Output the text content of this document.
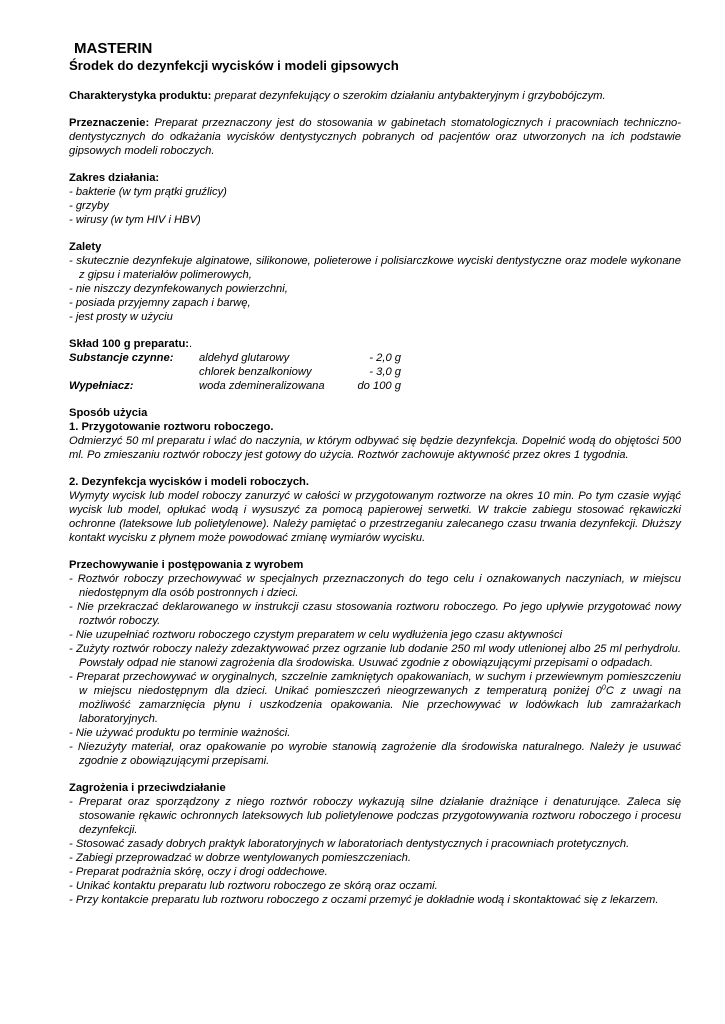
MASTERIN
Środek do dezynfekcji wycisków i modeli gipsowych

Charakterystyka produktu: preparat dezynfekujący o szerokim działaniu antybakteryjnym i grzybobójczym.

Przeznaczenie: Preparat przeznaczony jest do stosowania w gabinetach stomatologicznych i pracowniach techniczno-dentystycznych do odkażania wycisków dentystycznych pobranych od pacjentów oraz utworzonych na ich podstawie gipsowych modeli roboczych.

Zakres działania:

- bakterie (w tym prątki gruźlicy)

- grzyby

- wirusy (w tym HIV i HBV)

Zalety

- skutecznie dezynfekuje alginatowe, silikonowe, polieterowe i polisiarczkowe wyciski dentystyczne oraz modele wykonane z gipsu i materiałów polimerowych,

- nie niszczy dezynfekowanych powierzchni,

- posiada przyjemny zapach i barwę,

- jest prosty w użyciu

Skład 100 g preparatu:.

Substancje czynne:	aldehyd glutarowy	- 2,0 g
	chlorek benzalkoniowy	- 3,0 g
Wypełniacz:	woda zdemineralizowana	do 100 g

Sposób użycia

1. Przygotowanie roztworu roboczego.

Odmierzyć 50 ml preparatu i wlać do naczynia, w którym odbywać się będzie dezynfekcja. Dopełnić wodą do objętości 500 ml. Po zmieszaniu roztwór roboczy jest gotowy do użycia. Roztwór zachowuje aktywność przez okres 1 tygodnia.

2. Dezynfekcja wycisków i modeli roboczych.

Wymyty wycisk lub model roboczy zanurzyć w całości w przygotowanym roztworze na okres 10 min. Po tym czasie wyjąć wycisk lub model, opłukać wodą i wysuszyć za pomocą papierowej serwetki. W trakcie zabiegu stosować rękawiczki ochronne (lateksowe lub polietylenowe). Należy pamiętać o przestrzeganiu zalecanego czasu trwania dezynfekcji. Dłuższy kontakt wycisku z płynem może powodować zmianę wymiarów wycisku.

Przechowywanie i postępowania z wyrobem

- Roztwór roboczy przechowywać w specjalnych przeznaczonych do tego celu i oznakowanych naczyniach, w miejscu niedostępnym dla osób postronnych i dzieci.

- Nie przekraczać deklarowanego w instrukcji czasu stosowania roztworu roboczego. Po jego upływie przygotować nowy roztwór roboczy.

- Nie uzupełniać roztworu roboczego czystym preparatem w celu wydłużenia jego czasu aktywności

- Zużyty roztwór roboczy należy zdezaktywować przez ogrzanie lub dodanie 250 ml wody utlenionej albo 25 ml perhydrolu. Powstały odpad nie stanowi zagrożenia dla środowiska. Usuwać zgodnie z obowiązującymi przepisami o odpadach.

- Preparat przechowywać w oryginalnych, szczelnie zamkniętych opakowaniach, w suchym i przewiewnym pomieszczeniu w miejscu niedostępnym dla dzieci. Unikać pomieszczeń nieogrzewanych z temperaturą poniżej $0^0C$ z uwagi na możliwość zamarznięcia płynu i uszkodzenia opakowania. Nie przechowywać w lodówkach lub zamrażarkach laboratoryjnych.

- Nie używać produktu po terminie ważności.

- Niezużyty materiał, oraz opakowanie po wyrobie stanowią zagrożenie dla środowiska naturalnego. Należy je usuwać zgodnie z obowiązującymi przepisami.

Zagrożenia i przeciwdziałanie

- Preparat oraz sporządzony z niego roztwór roboczy wykazują silne działanie drażniące i denaturujące. Zaleca się stosowanie rękawic ochronnych lateksowych lub polietylenowe podczas przygotowywania roztworu roboczego i procesu dezynfekcji.

- Stosować zasady dobrych praktyk laboratoryjnych w laboratoriach dentystycznych i pracowniach protetycznych.

- Zabiegi przeprowadzać w dobrze wentylowanych pomieszczeniach.

- Preparat podrażnia skórę, oczy i drogi oddechowe.

- Unikać kontaktu preparatu lub roztworu roboczego ze skórą oraz oczami.

- Przy kontakcie preparatu lub roztworu roboczego z oczami przemyć je dokładnie wodą i skontaktować się z lekarzem.
